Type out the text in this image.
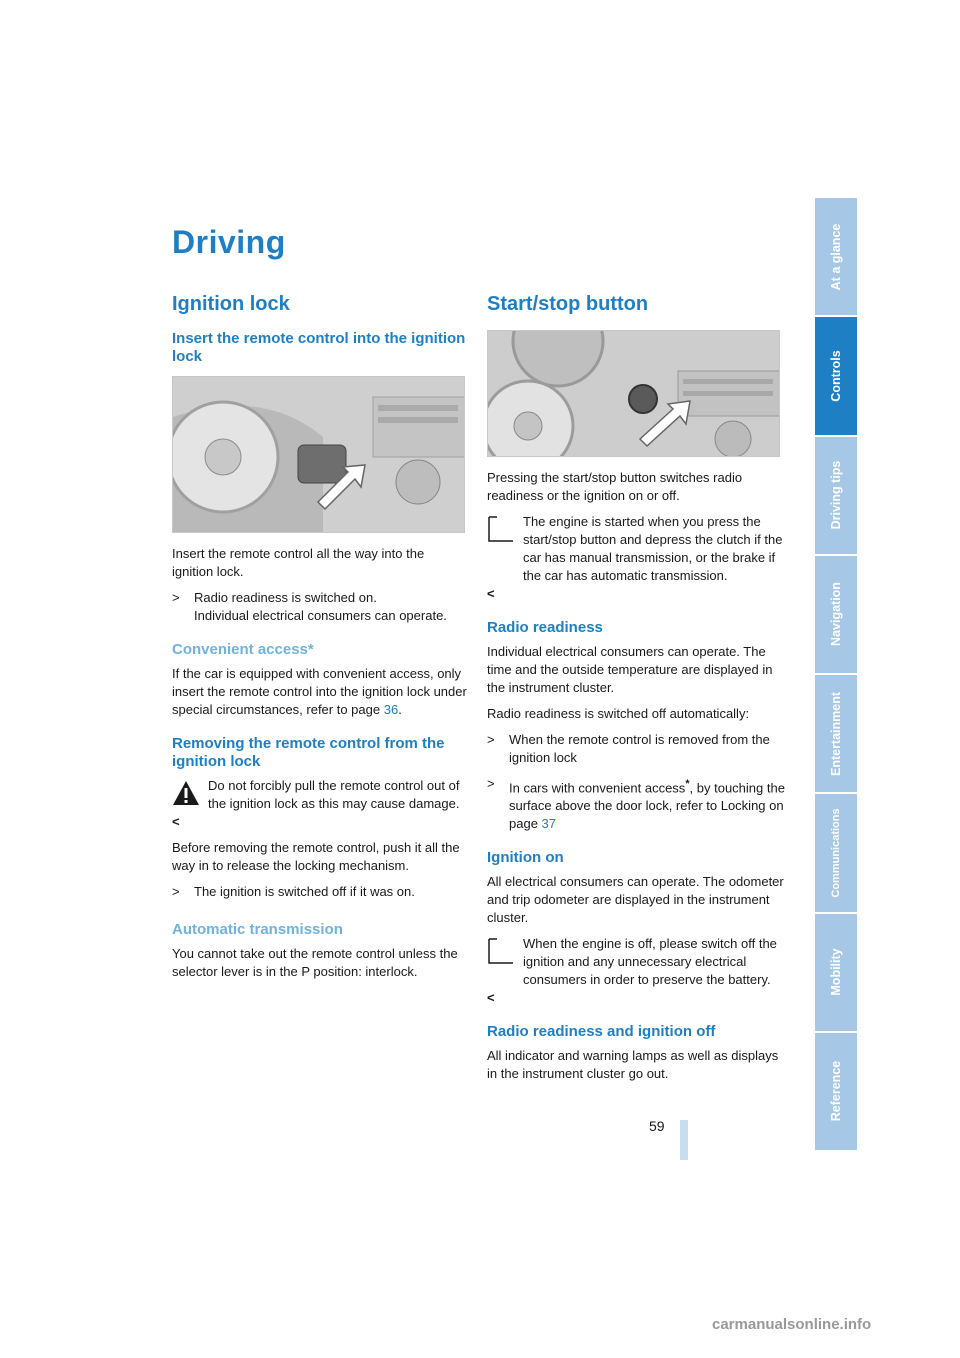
Driving
Ignition lock
Insert the remote control into the ignition lock

Insert the remote control all the way into the ignition lock.

>	Radio readiness is switched on.
Individual electrical consumers can operate.
Convenient access*

If the car is equipped with convenient access, only insert the remote control into the ignition lock under special circumstances, refer to page 36.

Removing the remote control from the ignition lock
Do not forcibly pull the remote control out of the ignition lock as this may cause damage.
<

Before removing the remote control, push it all the way in to release the locking mechanism.

>	The ignition is switched off if it was on.
Automatic transmission

You cannot take out the remote control unless the selector lever is in the P position: interlock.

Start/stop button

Pressing the start/stop button switches radio readiness or the ignition on or off.

The engine is started when you press the start/stop button and depress the clutch if the car has manual transmission, or the brake if the car has automatic transmission.
<
Radio readiness

Individual electrical consumers can operate. The time and the outside temperature are displayed in the instrument cluster.

Radio readiness is switched off automatically:

>	When the remote control is removed from the ignition lock
>	In cars with convenient access*, by touching the surface above the door lock, refer to Locking on page 37
Ignition on

All electrical consumers can operate. The odometer and trip odometer are displayed in the instrument cluster.

When the engine is off, please switch off the ignition and any unnecessary electrical consumers in order to preserve the battery.
<
Radio readiness and ignition off

All indicator and warning lamps as well as displays in the instrument cluster go out.

59
At a glance
Controls
Driving tips
Navigation
Entertainment
Communications
Mobility
Reference
carmanualsonline.info
